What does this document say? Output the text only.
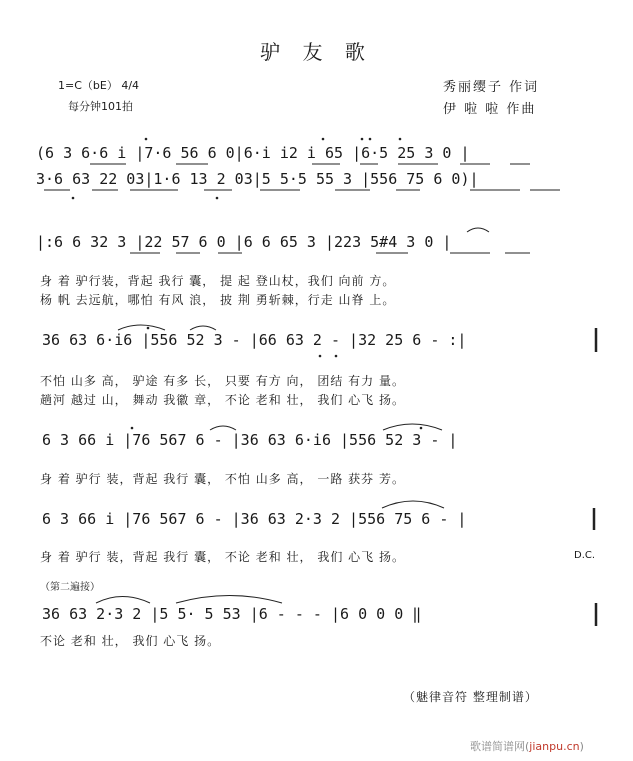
驴 友 歌
1=C（bE） 4/4
每分钟101拍
秀丽缨子 作词
伊 啦 啦 作曲
(6 3 6·6 i |7·6 56 6 0|6·i i2 i 65 |6·5 25 3 0 |
3·6 63 22 03|1·6 13 2 03|5 5·5 55 3 |556 75 6 0)|
|:6 6 32 3 |22 57 6 0 |6 6 65 3 |223 5#4 3 0 |
身 着 驴行装，背起 我行 囊， 提 起 登山杖，我们 向前 方。
杨 帆 去远航，哪怕 有风 浪， 披 荆 勇斩棘，行走 山脊 上。
36 63 6·i6 |556 52 3 - |66 63 2 - |32 25 6 - :|
不怕 山多 高， 驴途 有多 长， 只要 有方 向， 团结 有力 量。
趟河 越过 山， 舞动 我徽 章， 不论 老和 壮， 我们 心飞 扬。
6 3 66 i |76 567 6 - |36 63 6·i6 |556 52 3 - |
身 着 驴行 装，背起 我行 囊， 不怕 山多 高， 一路 获芬 芳。
6 3 66 i |76 567 6 - |36 63 2·3 2 |556 75 6 - |
身 着 驴行 装，背起 我行 囊， 不论 老和 壮， 我们 心飞 扬。	D.C.
（第二遍接）
36 63 2·3 2 |5 5· 5 53 |6 - - - |6 0 0 0 ‖
不论 老和 壮， 我们 心飞 扬。
（魅律音符 整理制谱）
歌谱简谱网(jianpu.cn)
